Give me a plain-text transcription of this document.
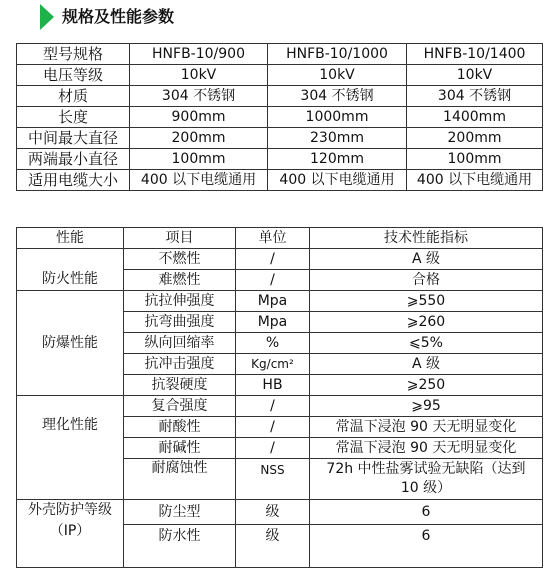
规格及性能参数
型号规格	HNFB-10/900	HNFB-10/1000	HNFB-10/1400
电压等级	10kV	10kV	10kV
材质	304 不锈钢	304 不锈钢	304 不锈钢
长度	900mm	1000mm	1400mm
中间最大直径	200mm	230mm	200mm
两端最小直径	100mm	120mm	100mm
适用电缆大小	400 以下电缆通用	400 以下电缆通用	400 以下电缆通用
性能	项目	单位	技术性能指标
防火性能	不燃性	/	A 级
	难燃性	/	合格
防爆性能	抗拉伸强度	Mpa	⩾550
	抗弯曲强度	Mpa	⩾260
	纵向回缩率	%	⩽5%
	抗冲击强度	Kg/cm²	A 级
	抗裂硬度	HB	⩾250
理化性能	复合强度	/	⩾95
	耐酸性	/	常温下浸泡 90 天无明显变化
	耐碱性	/	常温下浸泡 90 天无明显变化
	耐腐蚀性	NSS	72h 中性盐雾试验无缺陷（达到10 级）
外壳防护等级（IP）	防尘型	级	6
	防水性	级	6
